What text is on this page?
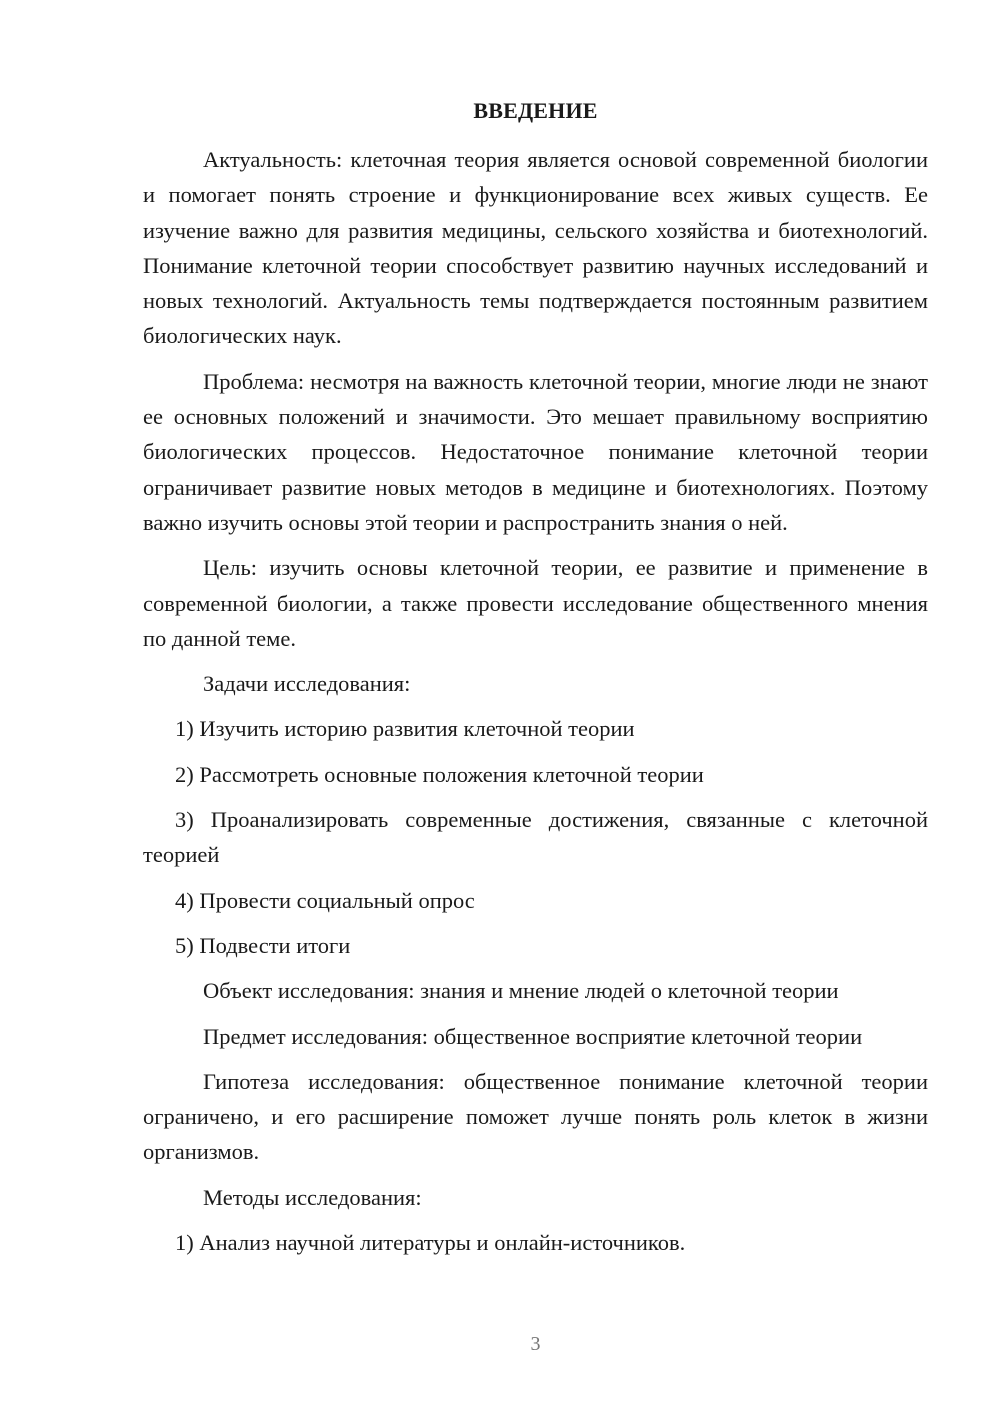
ВВЕДЕНИЕ

Актуальность: клеточная теория является основой современной биологии и помогает понять строение и функционирование всех живых существ. Ее изучение важно для развития медицины, сельского хозяйства и биотехнологий. Понимание клеточной теории способствует развитию научных исследований и новых технологий. Актуальность темы подтверждается постоянным развитием биологических наук.

Проблема: несмотря на важность клеточной теории, многие люди не знают ее основных положений и значимости. Это мешает правильному восприятию биологических процессов. Недостаточное понимание клеточной теории ограничивает развитие новых методов в медицине и биотехнологиях. Поэтому важно изучить основы этой теории и распространить знания о ней.

Цель: изучить основы клеточной теории, ее развитие и применение в современной биологии, а также провести исследование общественного мнения по данной теме.

Задачи исследования:

1) Изучить историю развития клеточной теории

2) Рассмотреть основные положения клеточной теории

3) Проанализировать современные достижения, связанные с клеточной теорией

4) Провести социальный опрос

5) Подвести итоги

Объект исследования: знания и мнение людей о клеточной теории

Предмет исследования: общественное восприятие клеточной теории

Гипотеза исследования: общественное понимание клеточной теории ограничено, и его расширение поможет лучше понять роль клеток в жизни организмов.

Методы исследования:

1) Анализ научной литературы и онлайн-источников.

3
